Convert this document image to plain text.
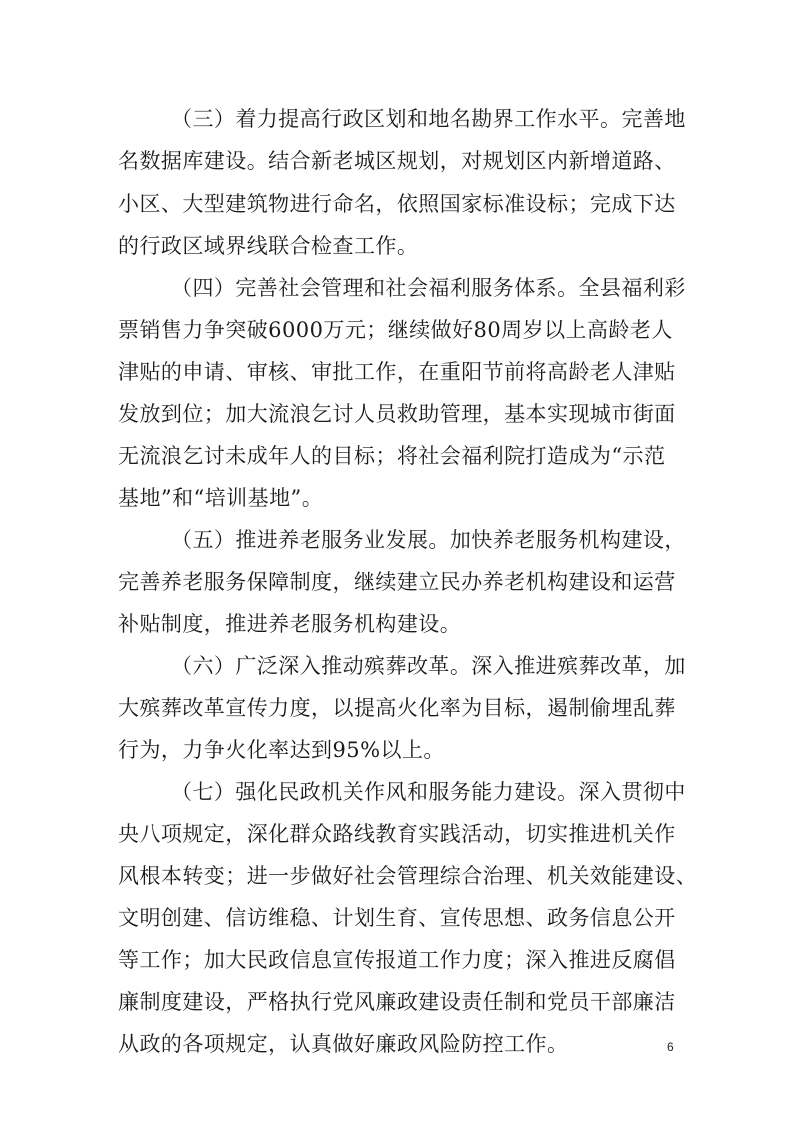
（三）着力提高行政区划和地名勘界工作水平。完善地
名数据库建设。结合新老城区规划，对规划区内新增道路、
小区、大型建筑物进行命名，依照国家标准设标；完成下达
的行政区域界线联合检查工作。
（四）完善社会管理和社会福利服务体系。全县福利彩
票销售力争突破6000万元；继续做好80周岁以上高龄老人
津贴的申请、审核、审批工作，在重阳节前将高龄老人津贴
发放到位；加大流浪乞讨人员救助管理，基本实现城市街面
无流浪乞讨未成年人的目标；将社会福利院打造成为“示范
基地”和“培训基地”。
（五）推进养老服务业发展。加快养老服务机构建设，
完善养老服务保障制度，继续建立民办养老机构建设和运营
补贴制度，推进养老服务机构建设。
（六）广泛深入推动殡葬改革。深入推进殡葬改革，加
大殡葬改革宣传力度，以提高火化率为目标，遏制偷埋乱葬
行为，力争火化率达到95%以上。
（七）强化民政机关作风和服务能力建设。深入贯彻中
央八项规定，深化群众路线教育实践活动，切实推进机关作
风根本转变；进一步做好社会管理综合治理、机关效能建设、
文明创建、信访维稳、计划生育、宣传思想、政务信息公开
等工作；加大民政信息宣传报道工作力度；深入推进反腐倡
廉制度建设，严格执行党风廉政建设责任制和党员干部廉洁
从政的各项规定，认真做好廉政风险防控工作。	6
